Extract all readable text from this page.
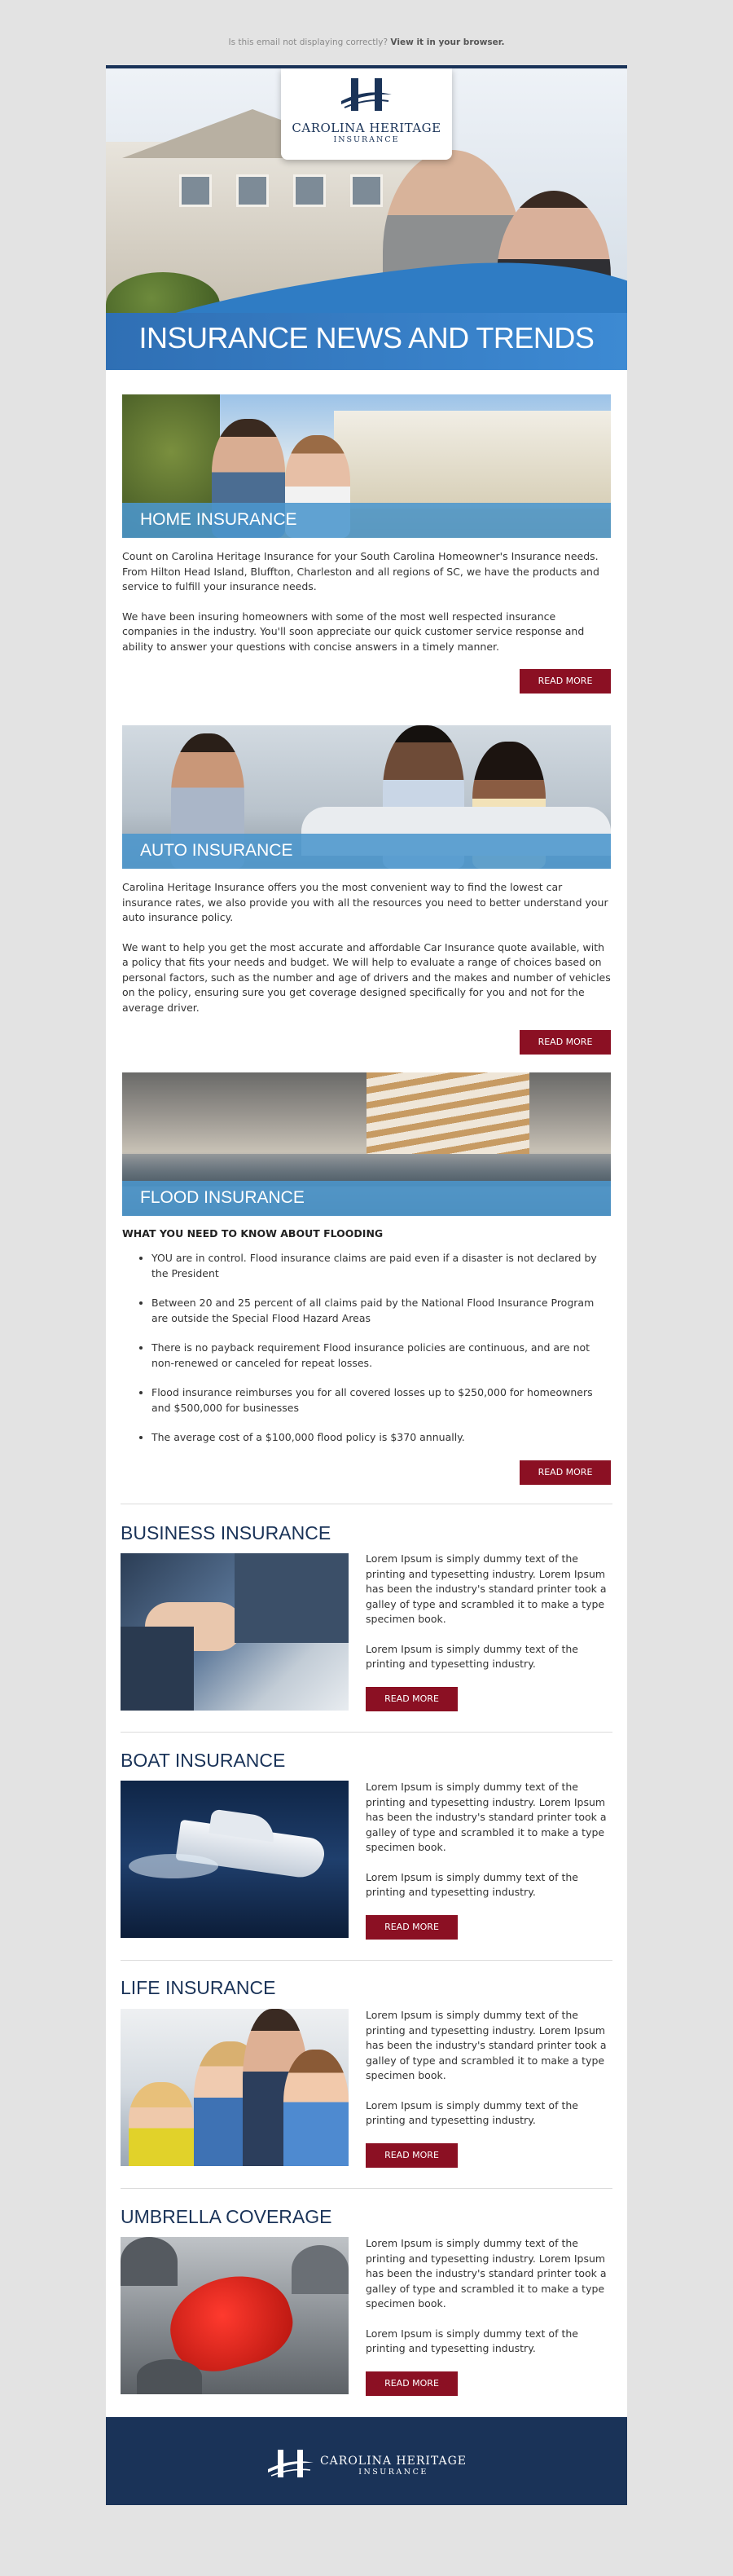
Is this email not displaying correctly? View it in your browser.
INSURANCE NEWS AND TRENDS
CAROLINA HERITAGE
INSURANCE
HOME INSURANCE

Count on Carolina Heritage Insurance for your South Carolina Homeowner's Insurance needs. From Hilton Head Island, Bluffton, Charleston and all regions of SC, we have the products and service to fulfill your insurance needs.

We have been insuring homeowners with some of the most well respected insurance companies in the industry. You'll soon appreciate our quick customer service response and ability to answer your questions with concise answers in a timely manner.

READ MORE
AUTO INSURANCE

Carolina Heritage Insurance offers you the most convenient way to find the lowest car insurance rates, we also provide you with all the resources you need to better understand your auto insurance policy.

We want to help you get the most accurate and affordable Car Insurance quote available, with a policy that fits your needs and budget. We will help to evaluate a range of choices based on personal factors, such as the number and age of drivers and the makes and number of vehicles on the policy, ensuring sure you get coverage designed specifically for you and not for the average driver.

READ MORE
FLOOD INSURANCE
WHAT YOU NEED TO KNOW ABOUT FLOODING
• YOU are in control. Flood insurance claims are paid even if a disaster is not declared by the President
• Between 20 and 25 percent of all claims paid by the National Flood Insurance Program are outside the Special Flood Hazard Areas
• There is no payback requirement Flood insurance policies are continuous, and are not non-renewed or canceled for repeat losses.
• Flood insurance reimburses you for all covered losses up to $250,000 for homeowners and $500,000 for businesses
• The average cost of a $100,000 flood policy is $370 annually.
READ MORE
BUSINESS INSURANCE

Lorem Ipsum is simply dummy text of the printing and typesetting industry. Lorem Ipsum has been the industry's standard printer took a galley of type and scrambled it to make a type specimen book.

Lorem Ipsum is simply dummy text of the printing and typesetting industry.

READ MORE
BOAT INSURANCE

Lorem Ipsum is simply dummy text of the printing and typesetting industry. Lorem Ipsum has been the industry's standard printer took a galley of type and scrambled it to make a type specimen book.

Lorem Ipsum is simply dummy text of the printing and typesetting industry.

READ MORE
LIFE INSURANCE

Lorem Ipsum is simply dummy text of the printing and typesetting industry. Lorem Ipsum has been the industry's standard printer took a galley of type and scrambled it to make a type specimen book.

Lorem Ipsum is simply dummy text of the printing and typesetting industry.

READ MORE
UMBRELLA COVERAGE

Lorem Ipsum is simply dummy text of the printing and typesetting industry. Lorem Ipsum has been the industry's standard printer took a galley of type and scrambled it to make a type specimen book.

Lorem Ipsum is simply dummy text of the printing and typesetting industry.

READ MORE
CAROLINA HERITAGE
INSURANCE
